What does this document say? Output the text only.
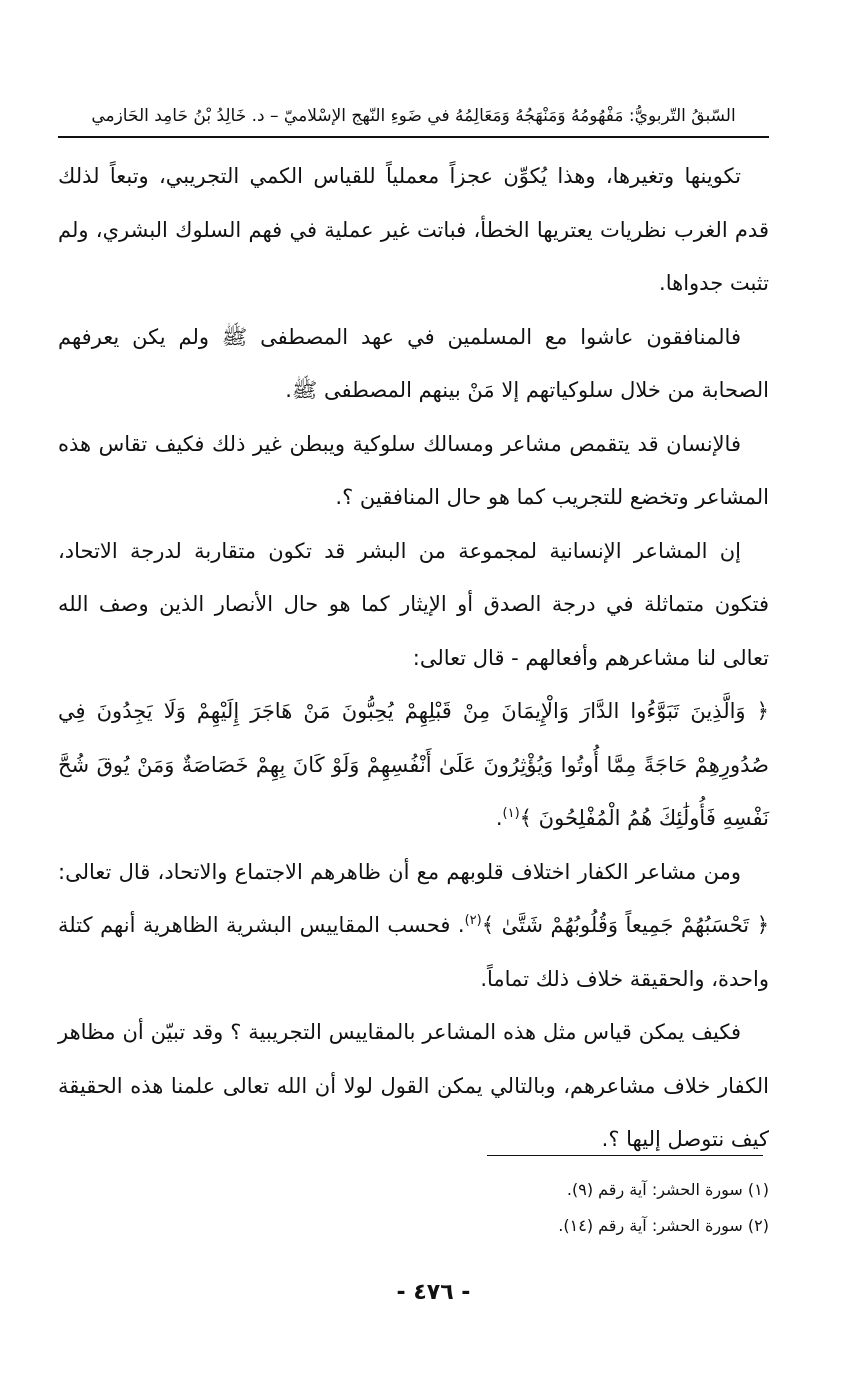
السّبقُ التّربويُّ: مَفْهُومُهُ وَمَنْهَجُهُ وَمَعَالِمُهُ في ضَوءِ النّهج الإسْلاميّ – د. خَالِدُ بْنُ حَامِد الحَازمي

تكوينها وتغيرها، وهذا يُكوِّن عجزاً معملياً للقياس الكمي التجريبي، وتبعاً لذلك قدم الغرب نظريات يعتريها الخطأ، فباتت غير عملية في فهم السلوك البشري، ولم تثبت جدواها.

فالمنافقون عاشوا مع المسلمين في عهد المصطفى ﷺ ولم يكن يعرفهم الصحابة من خلال سلوكياتهم إلا مَنْ بينهم المصطفى ﷺ.

فالإنسان قد يتقمص مشاعر ومسالك سلوكية ويبطن غير ذلك فكيف تقاس هذه المشاعر وتخضع للتجريب كما هو حال المنافقين ؟.

إن المشاعر الإنسانية لمجموعة من البشر قد تكون متقاربة لدرجة الاتحاد، فتكون متماثلة في درجة الصدق أو الإيثار كما هو حال الأنصار الذين وصف الله تعالى لنا مشاعرهم وأفعالهم - قال تعالى:

﴿ وَالَّذِينَ تَبَوَّءُوا الدَّارَ وَالْإِيمَانَ مِنْ قَبْلِهِمْ يُحِبُّونَ مَنْ هَاجَرَ إِلَيْهِمْ وَلَا يَجِدُونَ فِي صُدُورِهِمْ حَاجَةً مِمَّا أُوتُوا وَيُؤْثِرُونَ عَلَىٰ أَنْفُسِهِمْ وَلَوْ كَانَ بِهِمْ خَصَاصَةٌ وَمَنْ يُوقَ شُحَّ نَفْسِهِ فَأُولَٰئِكَ هُمُ الْمُفْلِحُونَ ﴾$^{(١)}$.

ومن مشاعر الكفار اختلاف قلوبهم مع أن ظاهرهم الاجتماع والاتحاد، قال تعالى:﴿ تَحْسَبُهُمْ جَمِيعاً وَقُلُوبُهُمْ شَتَّىٰ ﴾$^{(٢)}$. فحسب المقاييس البشرية الظاهرية أنهم كتلة واحدة، والحقيقة خلاف ذلك تماماً.

فكيف يمكن قياس مثل هذه المشاعر بالمقاييس التجريبية ؟ وقد تبيّن أن مظاهر الكفار خلاف مشاعرهم، وبالتالي يمكن القول لولا أن الله تعالى علمنا هذه الحقيقة كيف نتوصل إليها ؟.

(١) سورة الحشر: آية رقم (٩).
(٢) سورة الحشر: آية رقم (١٤).
- ٤٧٦ -
